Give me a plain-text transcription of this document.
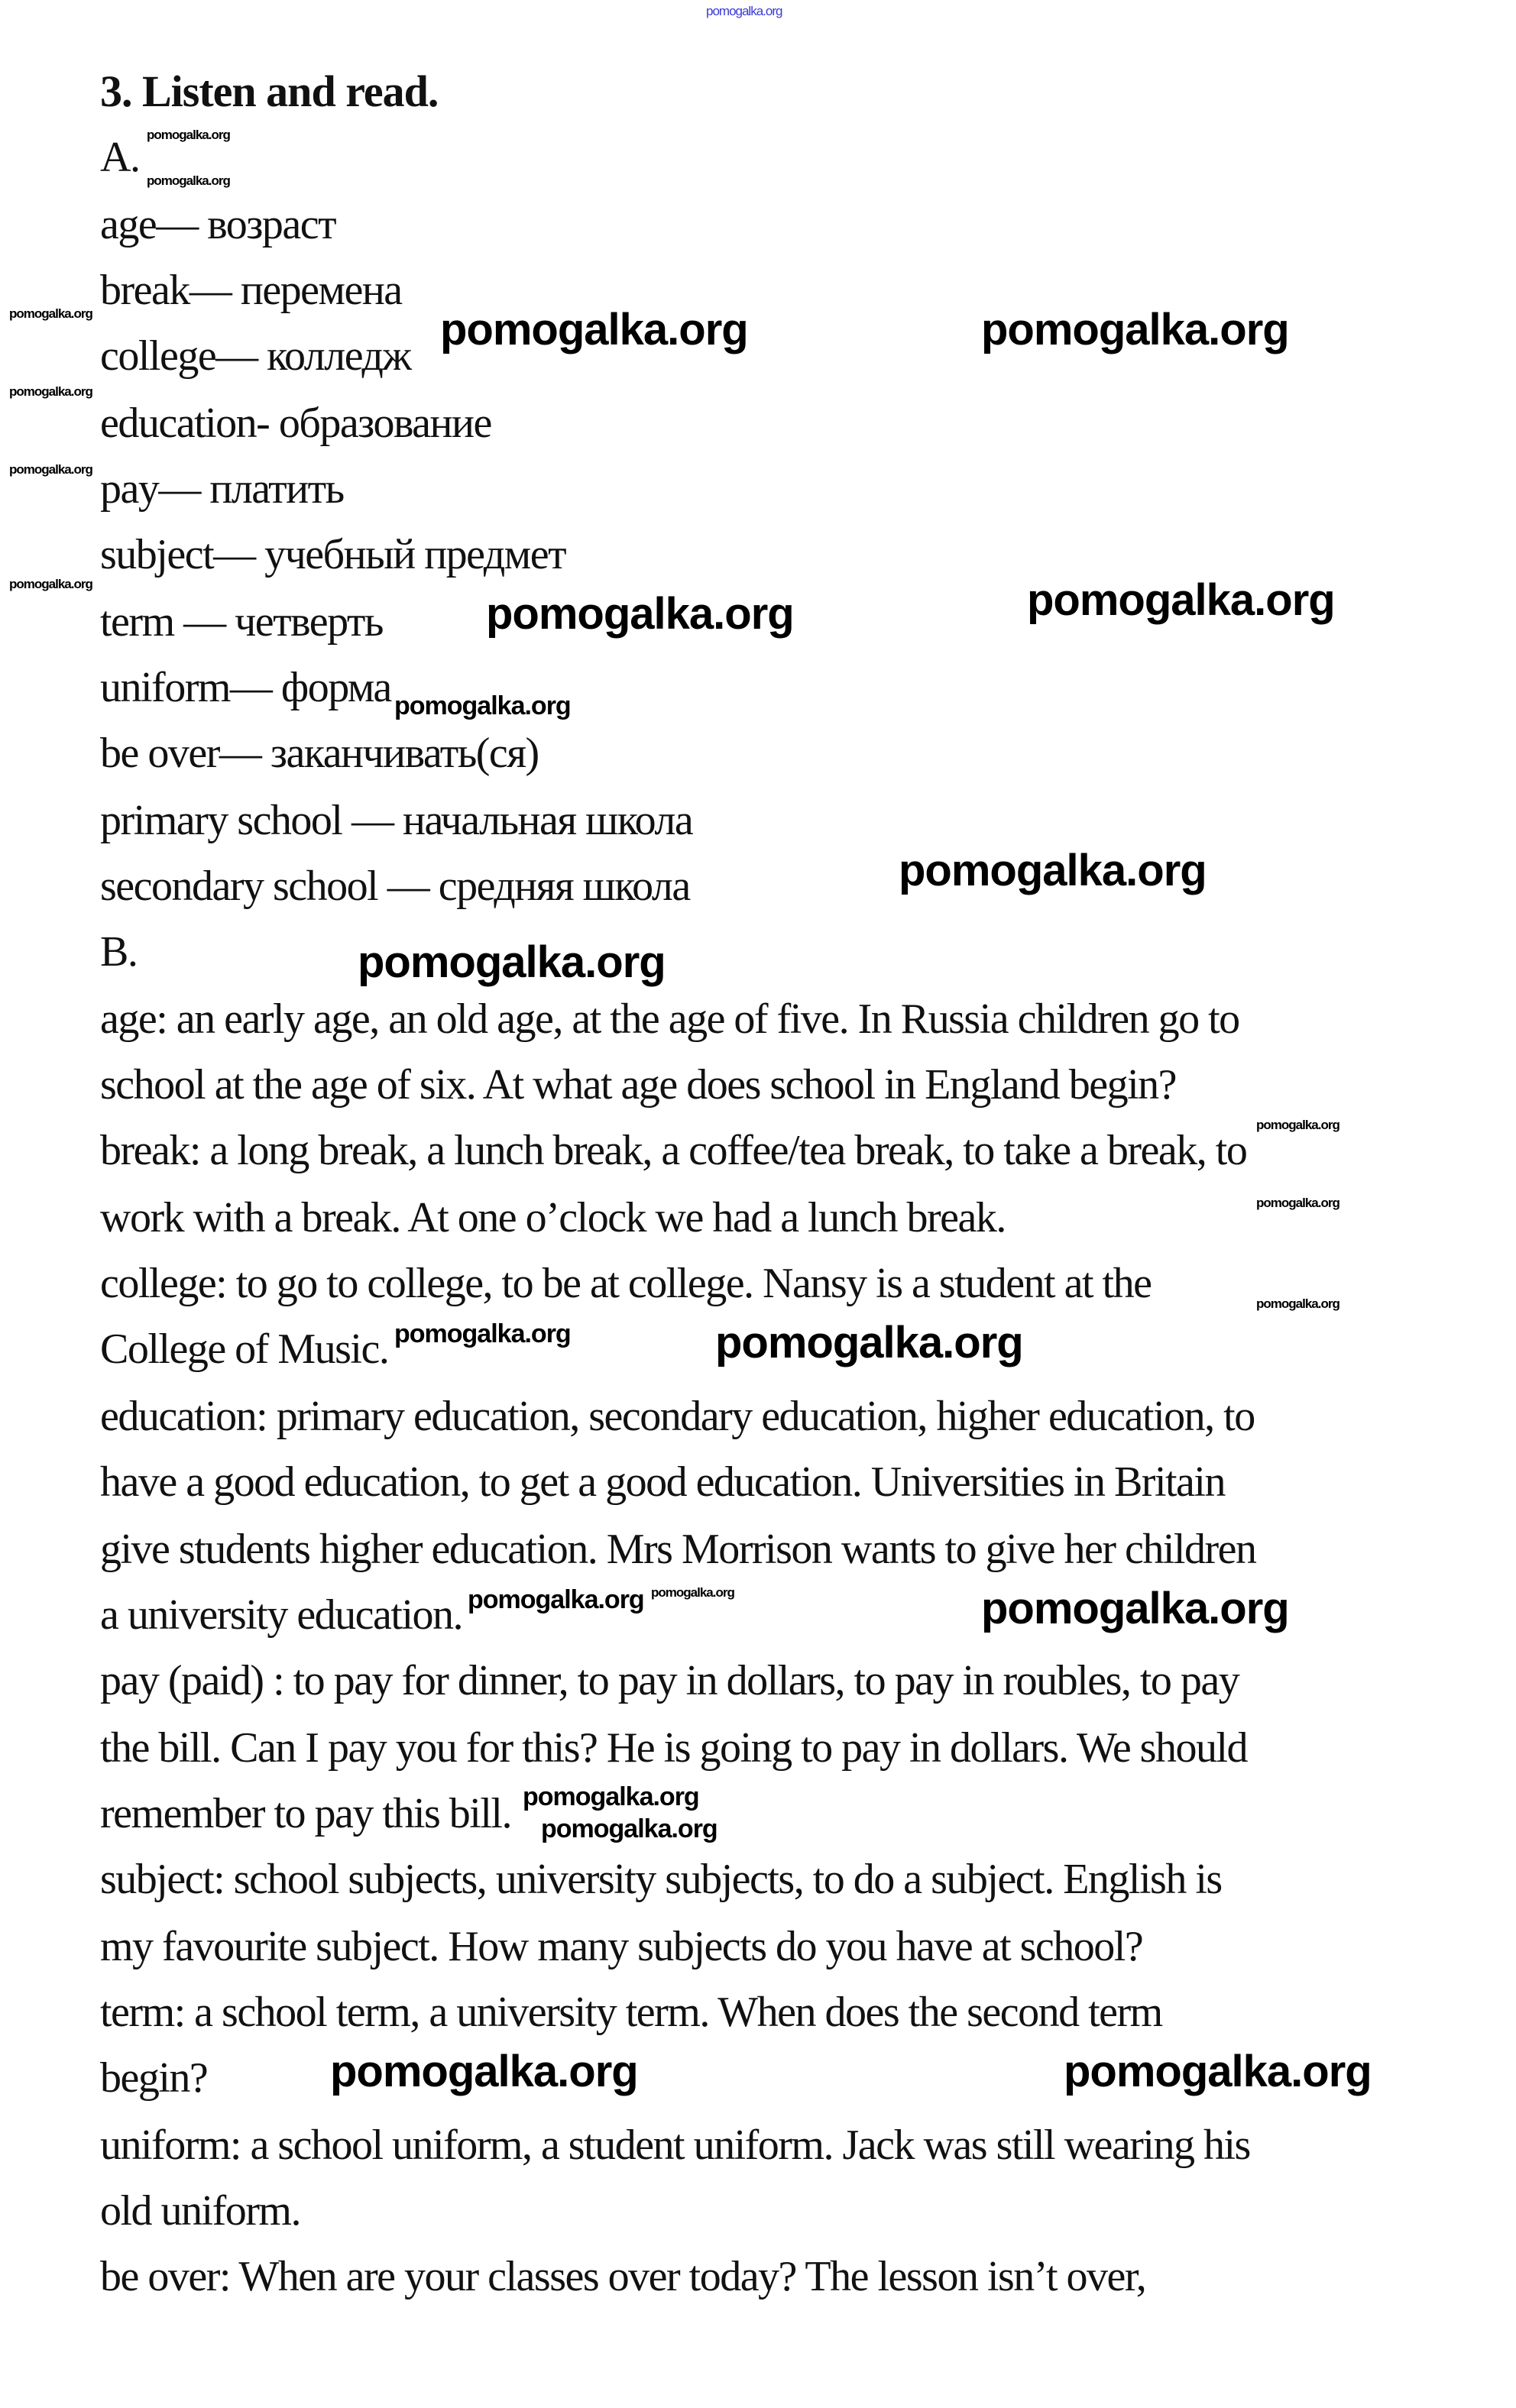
3. Listen and read.
A.
age— возраст
break— перемена
college— колледж
education- образование
pay— платить
subject— учебный предмет
term — четверть
uniform— форма
be over— заканчивать(ся)
primary school — начальная школа
secondary school — средняя школа
B.
age: an early age, an old age, at the age of five. In Russia children go to
school at the age of six. At what age does school in England begin?
break: a long break, a lunch break, a coffee/tea break, to take a break, to
work with a break. At one o’clock we had a lunch break.
college: to go to college, to be at college. Nansy is a student at the
College of Music.
education: primary education, secondary education, higher education, to
have a good education, to get a good education. Universities in Britain
give students higher education. Mrs Morrison wants to give her children
a university education.
pay (paid) : to pay for dinner, to pay in dollars, to pay in roubles, to pay
the bill. Can I pay you for this? He is going to pay in dollars. We should
remember to pay this bill.
subject: school subjects, university subjects, to do a subject. English is
my favourite subject. How many subjects do you have at school?
term: a school term, a university term. When does the second term
begin?
uniform: a school uniform, a student uniform. Jack was still wearing his
old uniform.
be over: When are your classes over today? The lesson isn’t over,
pomogalka.org
pomogalka.org	pomogalka.org
pomogalka.org	pomogalka.org
pomogalka.org
pomogalka.org
pomogalka.org
pomogalka.org
pomogalka.org	pomogalka.org
pomogalka.org
pomogalka.org
pomogalka.org
pomogalka.org
pomogalka.org
pomogalka.org
pomogalka.org
pomogalka.org
pomogalka.org
pomogalka.org
pomogalka.org
pomogalka.org
pomogalka.org
pomogalka.org
pomogalka.org
